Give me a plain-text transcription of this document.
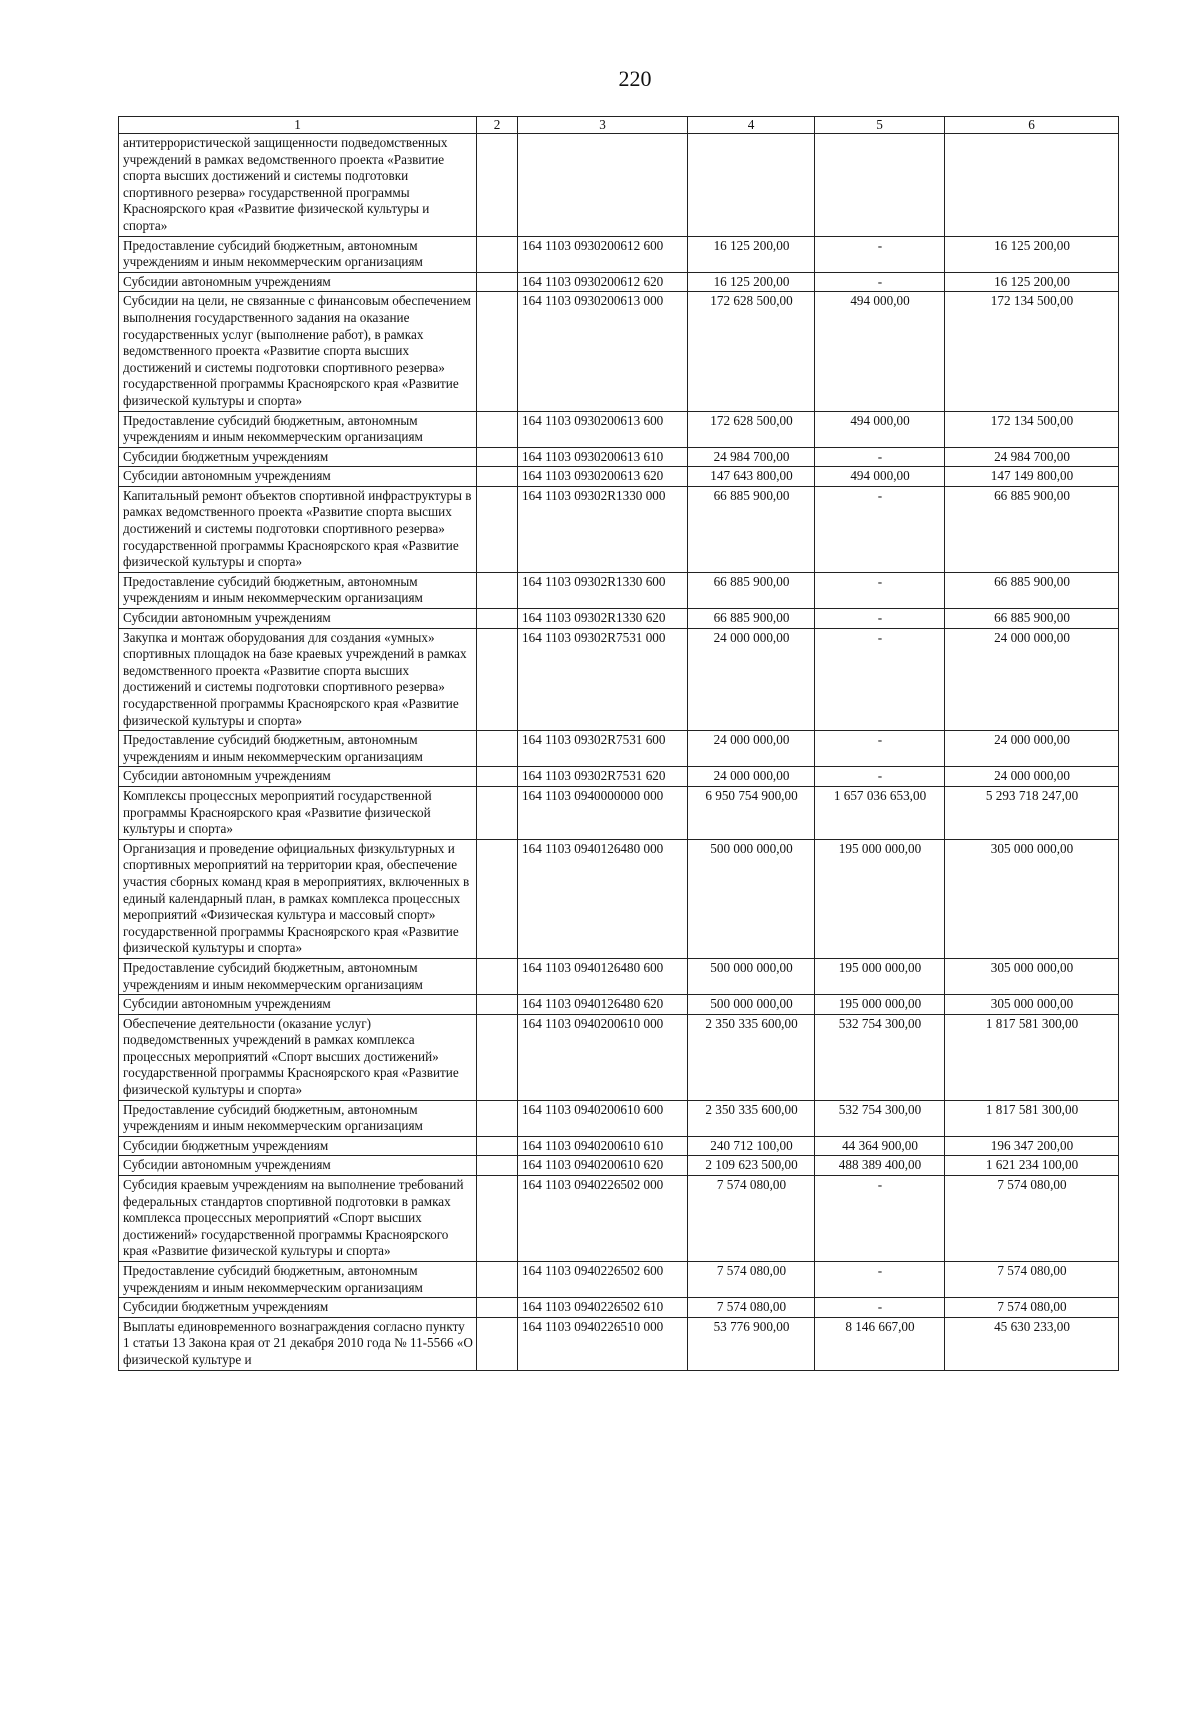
220
1	2	3	4	5	6
антитеррористической защищенности подведомственных учреждений в рамках ведомственного проекта «Развитие спорта высших достижений и системы подготовки спортивного резерва» государственной программы Красноярского края «Развитие физической культуры и спорта»					
Предоставление субсидий бюджетным, автономным учреждениям и иным некоммерческим организациям		164 1103 0930200612 600	16 125 200,00	-	16 125 200,00
Субсидии автономным учреждениям		164 1103 0930200612 620	16 125 200,00	-	16 125 200,00
Субсидии на цели, не связанные с финансовым обеспечением выполнения государственного задания на оказание государственных услуг (выполнение работ), в рамках ведомственного проекта «Развитие спорта высших достижений и системы подготовки спортивного резерва» государственной программы Красноярского края «Развитие физической культуры и спорта»		164 1103 0930200613 000	172 628 500,00	494 000,00	172 134 500,00
Предоставление субсидий бюджетным, автономным учреждениям и иным некоммерческим организациям		164 1103 0930200613 600	172 628 500,00	494 000,00	172 134 500,00
Субсидии бюджетным учреждениям		164 1103 0930200613 610	24 984 700,00	-	24 984 700,00
Субсидии автономным учреждениям		164 1103 0930200613 620	147 643 800,00	494 000,00	147 149 800,00
Капитальный ремонт объектов спортивной инфраструктуры в рамках ведомственного проекта «Развитие спорта высших достижений и системы подготовки спортивного резерва» государственной программы Красноярского края «Развитие физической культуры и спорта»		164 1103 09302R1330 000	66 885 900,00	-	66 885 900,00
Предоставление субсидий бюджетным, автономным учреждениям и иным некоммерческим организациям		164 1103 09302R1330 600	66 885 900,00	-	66 885 900,00
Субсидии автономным учреждениям		164 1103 09302R1330 620	66 885 900,00	-	66 885 900,00
Закупка и монтаж оборудования для создания «умных» спортивных площадок на базе краевых учреждений в рамках ведомственного проекта «Развитие спорта высших достижений и системы подготовки спортивного резерва» государственной программы Красноярского края «Развитие физической культуры и спорта»		164 1103 09302R7531 000	24 000 000,00	-	24 000 000,00
Предоставление субсидий бюджетным, автономным учреждениям и иным некоммерческим организациям		164 1103 09302R7531 600	24 000 000,00	-	24 000 000,00
Субсидии автономным учреждениям		164 1103 09302R7531 620	24 000 000,00	-	24 000 000,00
Комплексы процессных мероприятий государственной программы Красноярского края «Развитие физической культуры и спорта»		164 1103 0940000000 000	6 950 754 900,00	1 657 036 653,00	5 293 718 247,00
Организация и проведение официальных физкультурных и спортивных мероприятий на территории края, обеспечение участия сборных команд края в мероприятиях, включенных в единый календарный план, в рамках комплекса процессных мероприятий «Физическая культура и массовый спорт» государственной программы Красноярского края «Развитие физической культуры и спорта»		164 1103 0940126480 000	500 000 000,00	195 000 000,00	305 000 000,00
Предоставление субсидий бюджетным, автономным учреждениям и иным некоммерческим организациям		164 1103 0940126480 600	500 000 000,00	195 000 000,00	305 000 000,00
Субсидии автономным учреждениям		164 1103 0940126480 620	500 000 000,00	195 000 000,00	305 000 000,00
Обеспечение деятельности (оказание услуг) подведомственных учреждений в рамках комплекса процессных мероприятий «Спорт высших достижений» государственной программы Красноярского края «Развитие физической культуры и спорта»		164 1103 0940200610 000	2 350 335 600,00	532 754 300,00	1 817 581 300,00
Предоставление субсидий бюджетным, автономным учреждениям и иным некоммерческим организациям		164 1103 0940200610 600	2 350 335 600,00	532 754 300,00	1 817 581 300,00
Субсидии бюджетным учреждениям		164 1103 0940200610 610	240 712 100,00	44 364 900,00	196 347 200,00
Субсидии автономным учреждениям		164 1103 0940200610 620	2 109 623 500,00	488 389 400,00	1 621 234 100,00
Субсидия краевым учреждениям на выполнение требований федеральных стандартов спортивной подготовки в рамках комплекса процессных мероприятий «Спорт высших достижений» государственной программы Красноярского края «Развитие физической культуры и спорта»		164 1103 0940226502 000	7 574 080,00	-	7 574 080,00
Предоставление субсидий бюджетным, автономным учреждениям и иным некоммерческим организациям		164 1103 0940226502 600	7 574 080,00	-	7 574 080,00
Субсидии бюджетным учреждениям		164 1103 0940226502 610	7 574 080,00	-	7 574 080,00
Выплаты единовременного вознаграждения согласно пункту 1 статьи 13 Закона края от 21 декабря 2010 года № 11-5566 «О физической культуре и		164 1103 0940226510 000	53 776 900,00	8 146 667,00	45 630 233,00
